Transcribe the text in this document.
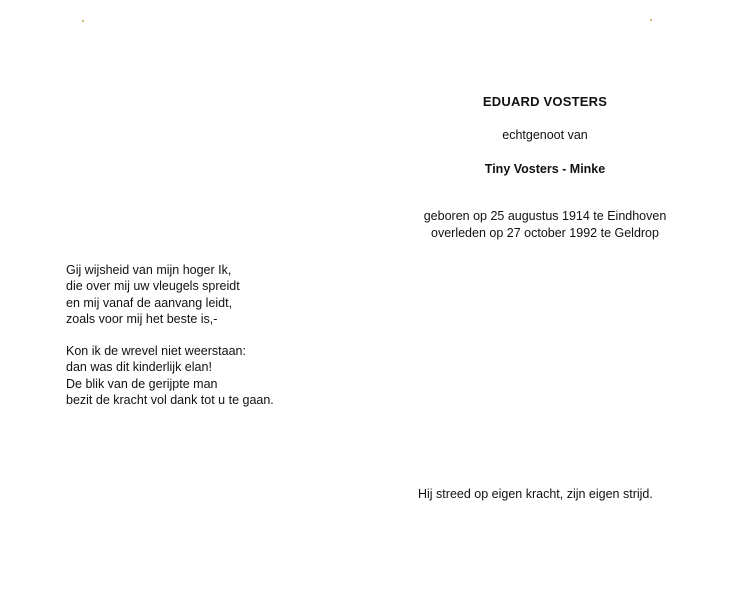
EDUARD VOSTERS
echtgenoot van
Tiny Vosters - Minke
geboren op 25 augustus 1914 te Eindhoven
overleden op 27 october 1992 te Geldrop
Gij wijsheid van mijn hoger Ik,
die over mij uw vleugels spreidt
en mij vanaf de aanvang leidt,
zoals voor mij het beste is,-
Kon ik de wrevel niet weerstaan:
dan was dit kinderlijk elan!
De blik van de gerijpte man
bezit de kracht vol dank tot u te gaan.
Hij streed op eigen kracht, zijn eigen strijd.
